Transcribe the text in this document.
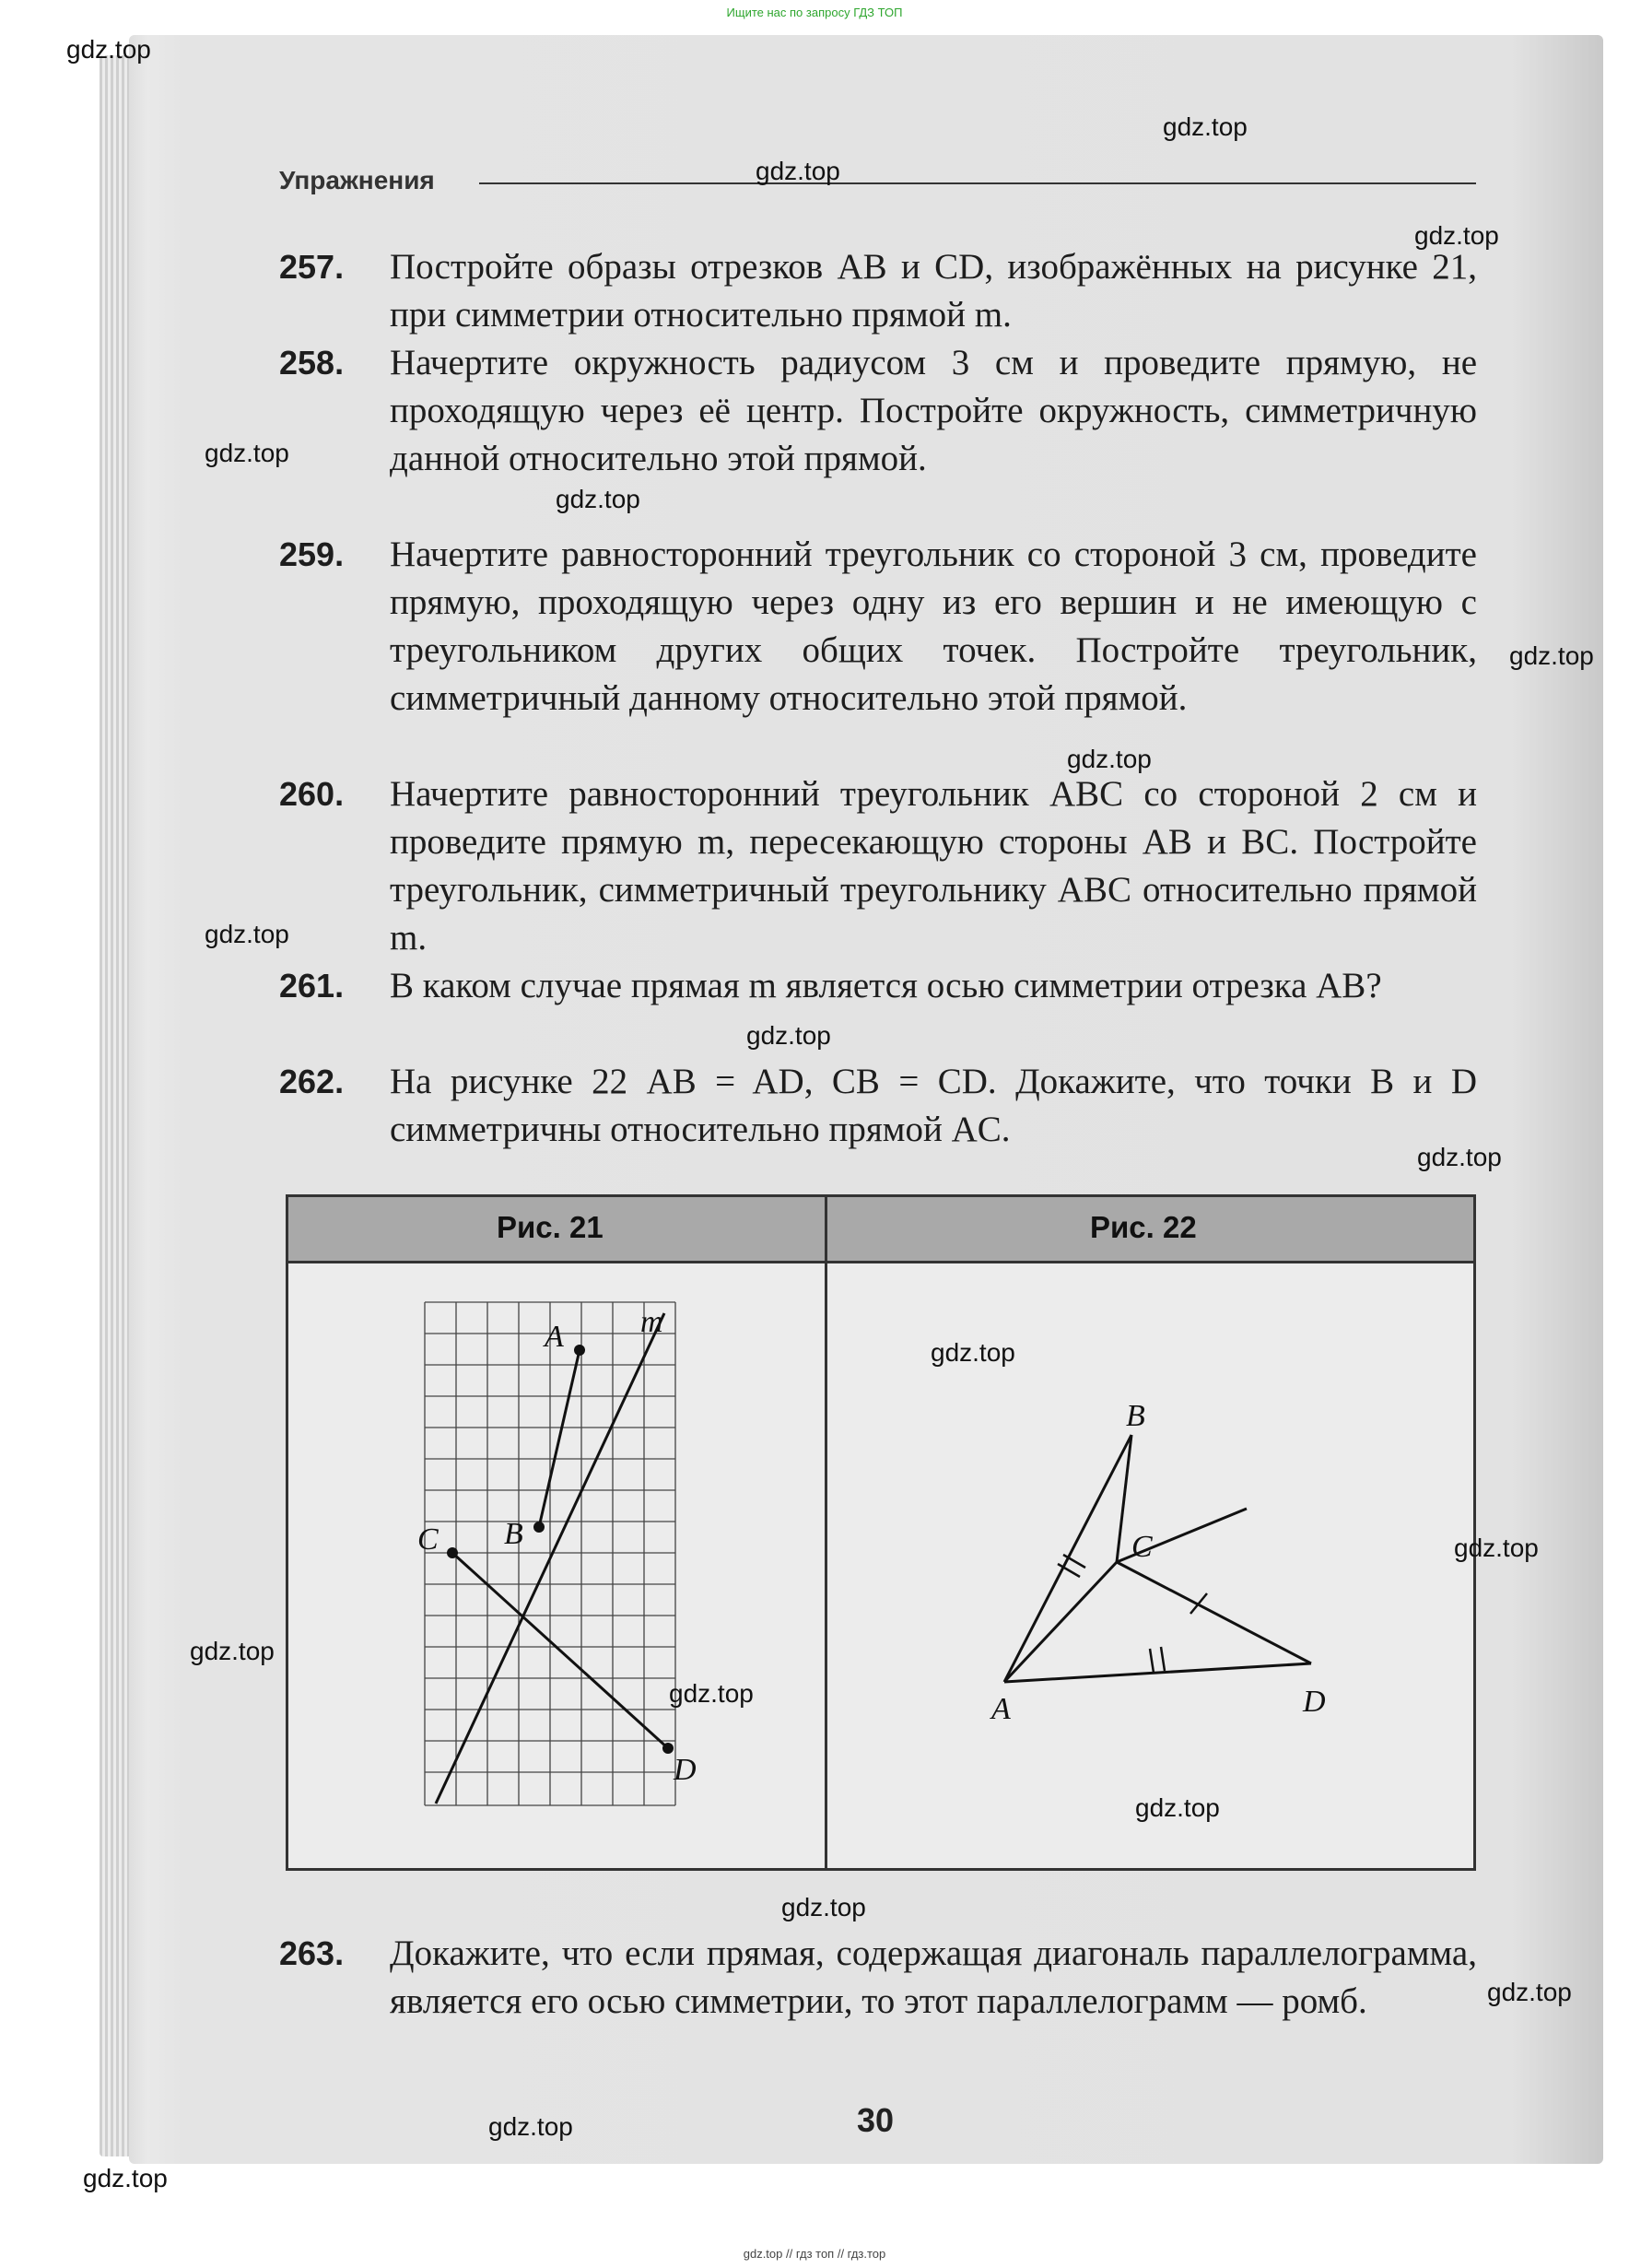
Ищите нас по запросу ГДЗ ТОП
Упражнения
257.	Постройте образы отрезков AB и CD, изображённых на рисунке 21, при симметрии относительно прямой m.
258.	Начертите окружность радиусом 3 см и проведите прямую, не проходящую через её центр. Постройте окружность, симметричную данной относительно этой прямой.
259.	Начертите равносторонний треугольник со стороной 3 см, проведите прямую, проходящую через одну из его вершин и не имеющую с треугольником других общих точек. Постройте треугольник, симметричный данному относительно этой прямой.
260.	Начертите равносторонний треугольник ABC со стороной 2 см и проведите прямую m, пересекающую стороны AB и BC. Постройте треугольник, симметричный треугольнику ABC относительно прямой m.
261.	В каком случае прямая m является осью симметрии отрезка AB?
262.	На рисунке 22 AB = AD, CB = CD. Докажите, что точки B и D симметричны относительно прямой AC.
Рис. 21	Рис. 22
A m
B
C
D
B
C
A	D
263.	Докажите, что если прямая, содержащая диагональ параллелограмма, является его осью симметрии, то этот параллелограмм — ромб.
30
gdz.top
gdz.top
gdz.top
gdz.top
gdz.top
gdz.top
gdz.top
gdz.top
gdz.top
gdz.top
gdz.top
gdz.top
gdz.top
gdz.top
gdz.top
gdz.top
gdz.top
gdz.top
gdz.top
gdz.top
gdz.top // гдз топ // гдз.тор
